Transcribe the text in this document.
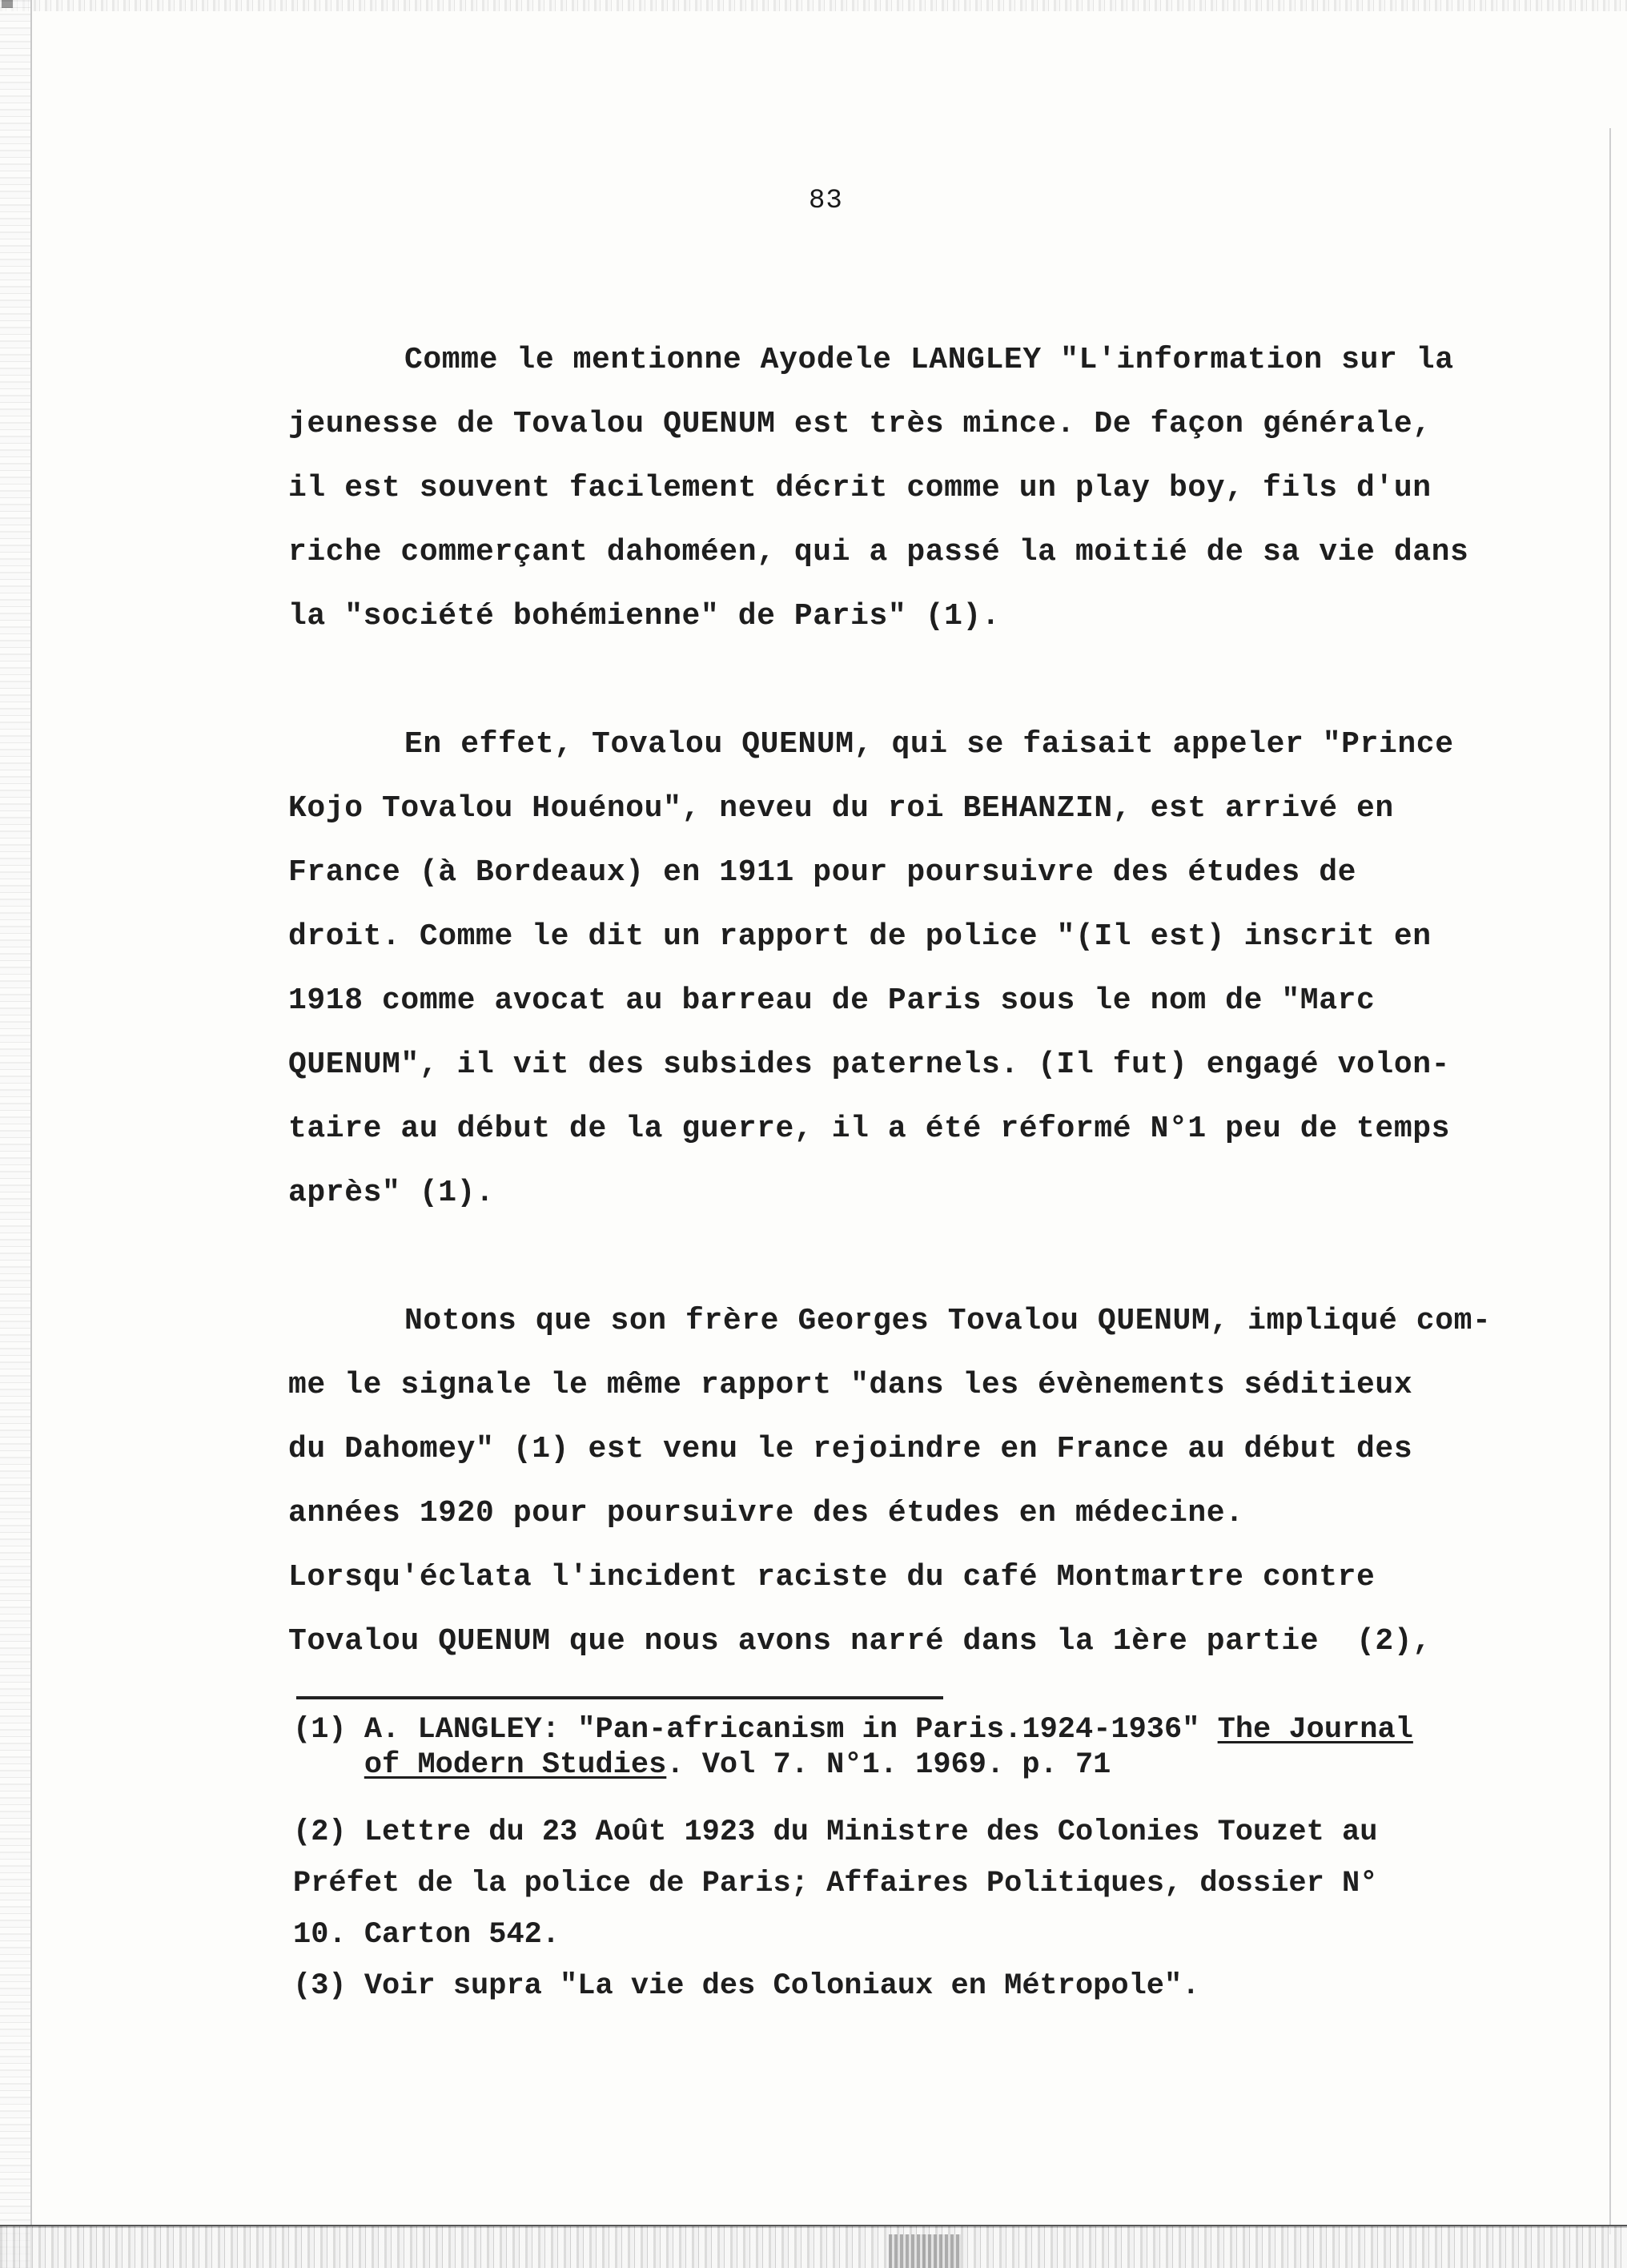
83
Comme le mentionne Ayodele LANGLEY "L'information sur la
jeunesse de Tovalou QUENUM est très mince. De façon générale,
il est souvent facilement décrit comme un play boy, fils d'un
riche commerçant dahoméen, qui a passé la moitié de sa vie dans
la "société bohémienne" de Paris" (1).
En effet, Tovalou QUENUM, qui se faisait appeler "Prince
Kojo Tovalou Houénou", neveu du roi BEHANZIN, est arrivé en
France (à Bordeaux) en 1911 pour poursuivre des études de
droit. Comme le dit un rapport de police "(Il est) inscrit en
1918 comme avocat au barreau de Paris sous le nom de "Marc
QUENUM", il vit des subsides paternels. (Il fut) engagé volon-
taire au début de la guerre, il a été réformé N°1 peu de temps
après" (1).
Notons que son frère Georges Tovalou QUENUM, impliqué com-
me le signale le même rapport "dans les évènements séditieux
du Dahomey" (1) est venu le rejoindre en France au début des
années 1920 pour poursuivre des études en médecine.
Lorsqu'éclata l'incident raciste du café Montmartre contre
Tovalou QUENUM que nous avons narré dans la 1ère partie  (2),
(1) A. LANGLEY: "Pan-africanism in Paris.1924-1936" The Journal
of Modern Studies. Vol 7. N°1. 1969. p. 71
(2) Lettre du 23 Août 1923 du Ministre des Colonies Touzet au
Préfet de la police de Paris; Affaires Politiques, dossier N°
10. Carton 542.
(3) Voir supra "La vie des Coloniaux en Métropole".
